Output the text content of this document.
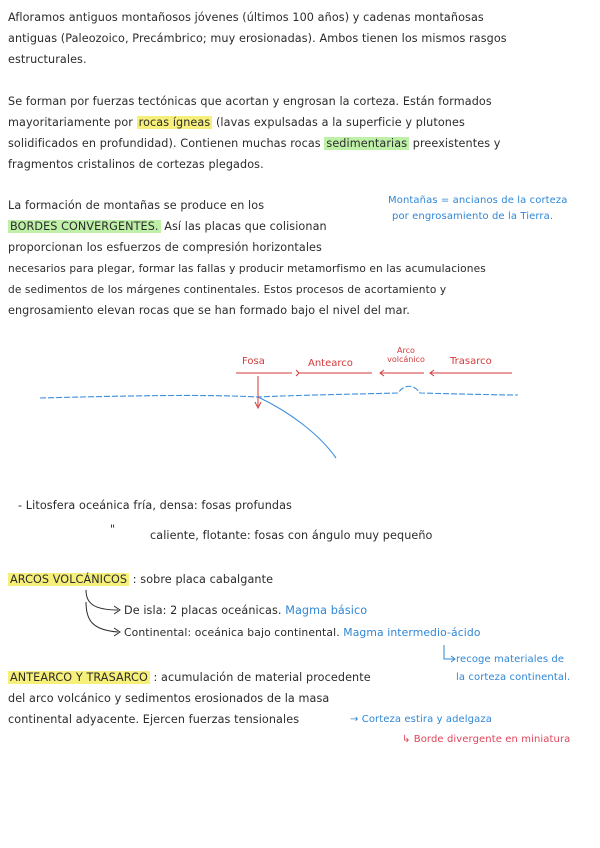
Afloramos antiguos montañosos jóvenes (últimos 100 años) y cadenas montañosas
antiguas (Paleozoico, Precámbrico; muy erosionadas). Ambos tienen los mismos rasgos
estructurales.
Se forman por fuerzas tectónicas que acortan y engrosan la corteza. Están formados
mayoritariamente por rocas ígneas (lavas expulsadas a la superficie y plutones
solidificados en profundidad). Contienen muchas rocas sedimentarias preexistentes y
fragmentos cristalinos de cortezas plegados.
La formación de montañas se produce en los
BORDES CONVERGENTES. Así las placas que colisionan
proporcionan los esfuerzos de compresión horizontales
necesarios para plegar, formar las fallas y producir metamorfismo en las acumulaciones
de sedimentos de los márgenes continentales. Estos procesos de acortamiento y
engrosamiento elevan rocas que se han formado bajo el nivel del mar.
Montañas = ancianos de la corteza
por engrosamiento de la Tierra.
Fosa	Antearco
Arco volcánico	Trasarco
- Litosfera oceánica fría, densa: fosas profundas
"	caliente, flotante: fosas con ángulo muy pequeño
ARCOS VOLCÁNICOS : sobre placa cabalgante
De isla: 2 placas oceánicas. Magma básico
Continental: oceánica bajo continental. Magma intermedio-ácido
recoge materiales de
la corteza continental.
ANTEARCO Y TRASARCO : acumulación de material procedente
del arco volcánico y sedimentos erosionados de la masa
continental adyacente. Ejercen fuerzas tensionales	→ Corteza estira y adelgaza
↳ Borde divergente en miniatura
